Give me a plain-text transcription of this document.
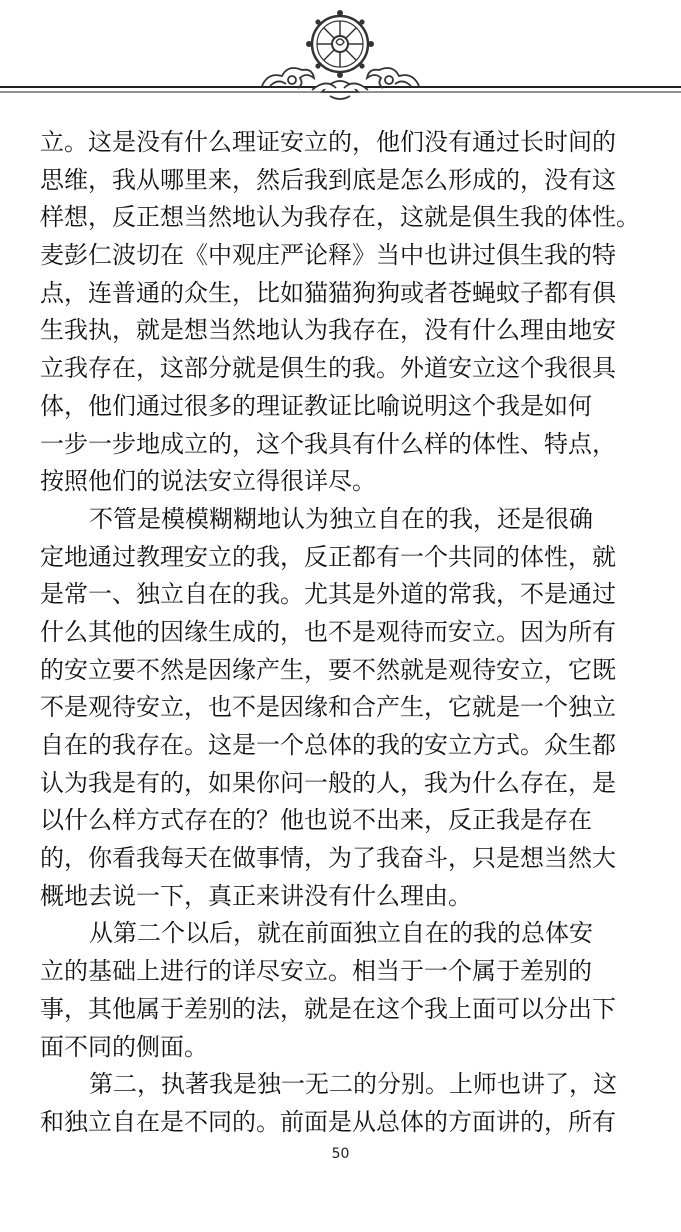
立。这是没有什么理证安立的，他们没有通过长时间的
思维，我从哪里来，然后我到底是怎么形成的，没有这
样想，反正想当然地认为我存在，这就是俱生我的体性。
麦彭仁波切在《中观庄严论释》当中也讲过俱生我的特
点，连普通的众生，比如猫猫狗狗或者苍蝇蚊子都有俱
生我执，就是想当然地认为我存在，没有什么理由地安
立我存在，这部分就是俱生的我。外道安立这个我很具
体，他们通过很多的理证教证比喻说明这个我是如何
一步一步地成立的，这个我具有什么样的体性、特点，
按照他们的说法安立得很详尽。
不管是模模糊糊地认为独立自在的我，还是很确
定地通过教理安立的我，反正都有一个共同的体性，就
是常一、独立自在的我。尤其是外道的常我，不是通过
什么其他的因缘生成的，也不是观待而安立。因为所有
的安立要不然是因缘产生，要不然就是观待安立，它既
不是观待安立，也不是因缘和合产生，它就是一个独立
自在的我存在。这是一个总体的我的安立方式。众生都
认为我是有的，如果你问一般的人，我为什么存在，是
以什么样方式存在的？他也说不出来，反正我是存在
的，你看我每天在做事情，为了我奋斗，只是想当然大
概地去说一下，真正来讲没有什么理由。
从第二个以后，就在前面独立自在的我的总体安
立的基础上进行的详尽安立。相当于一个属于差别的
事，其他属于差别的法，就是在这个我上面可以分出下
面不同的侧面。
第二，执著我是独一无二的分别。上师也讲了，这
和独立自在是不同的。前面是从总体的方面讲的，所有
50
